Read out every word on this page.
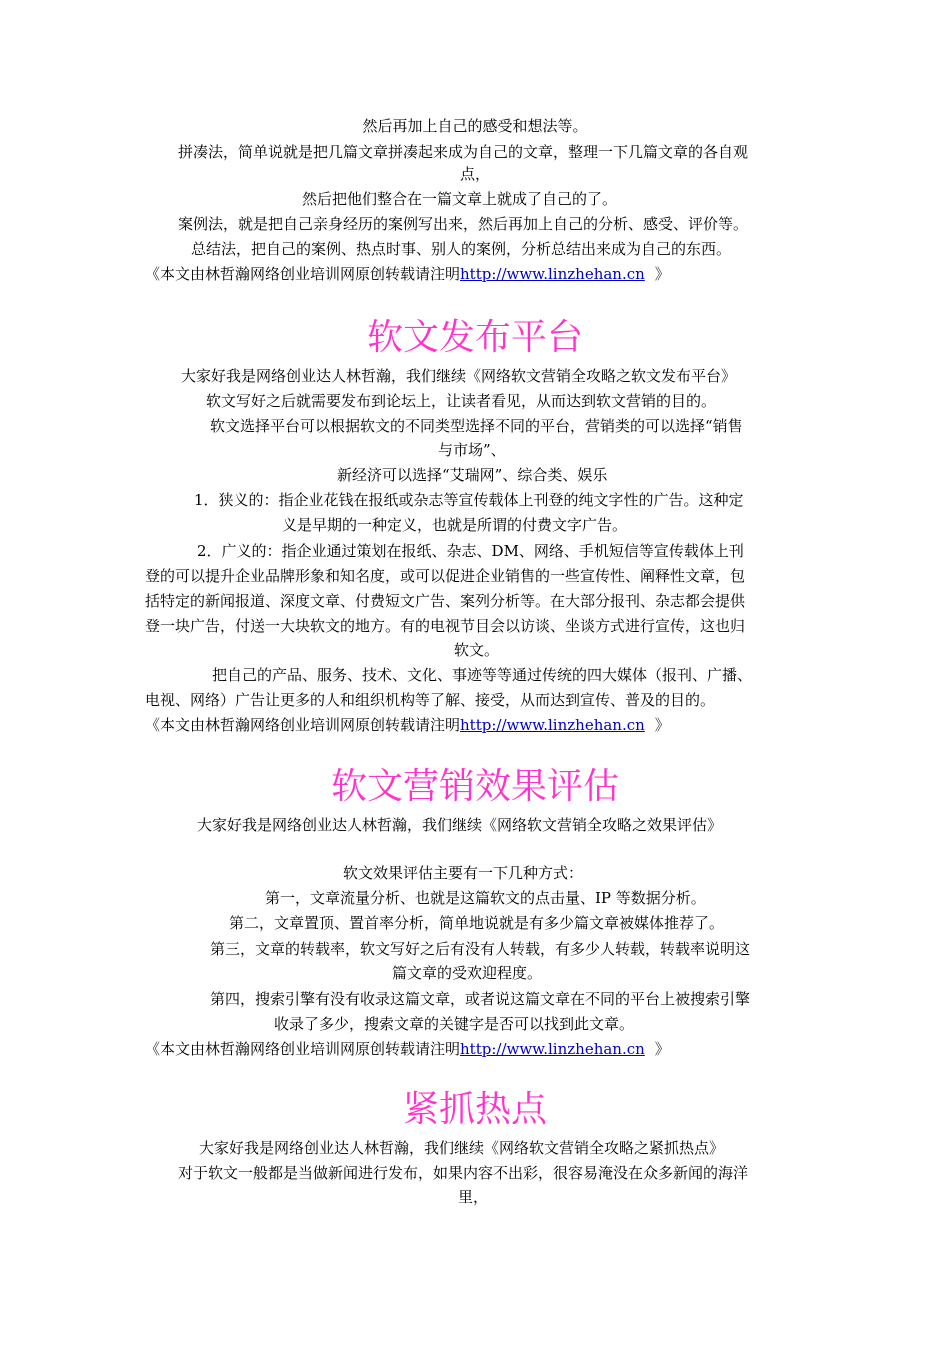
然后再加上自己的感受和想法等。
拼凑法，简单说就是把几篇文章拼凑起来成为自己的文章，整理一下几篇文章的各自观
点，
然后把他们整合在一篇文章上就成了自己的了。
案例法，就是把自己亲身经历的案例写出来，然后再加上自己的分析、感受、评价等。
总结法，把自己的案例、热点时事、别人的案例，分析总结出来成为自己的东西。
《本文由林哲瀚网络创业培训网原创转载请注明http://www.linzhehan.cn 》
软文发布平台
大家好我是网络创业达人林哲瀚，我们继续《网络软文营销全攻略之软文发布平台》
软文写好之后就需要发布到论坛上，让读者看见，从而达到软文营销的目的。
软文选择平台可以根据软文的不同类型选择不同的平台，营销类的可以选择“销售
与市场”、
新经济可以选择“艾瑞网”、综合类、娱乐
1．狭义的：指企业花钱在报纸或杂志等宣传载体上刊登的纯文字性的广告。这种定
义是早期的一种定义，也就是所谓的付费文字广告。
2．广义的：指企业通过策划在报纸、杂志、DM、网络、手机短信等宣传载体上刊
登的可以提升企业品牌形象和知名度，或可以促进企业销售的一些宣传性、阐释性文章，包
括特定的新闻报道、深度文章、付费短文广告、案列分析等。在大部分报刊、杂志都会提供
登一块广告，付送一大块软文的地方。有的电视节目会以访谈、坐谈方式进行宣传，这也归
软文。
把自己的产品、服务、技术、文化、事迹等等通过传统的四大媒体（报刊、广播、
电视、网络）广告让更多的人和组织机构等了解、接受，从而达到宣传、普及的目的。
《本文由林哲瀚网络创业培训网原创转载请注明http://www.linzhehan.cn 》
软文营销效果评估
大家好我是网络创业达人林哲瀚，我们继续《网络软文营销全攻略之效果评估》
软文效果评估主要有一下几种方式：
第一，文章流量分析、也就是这篇软文的点击量、IP 等数据分析。
第二，文章置顶、置首率分析，简单地说就是有多少篇文章被媒体推荐了。
第三，文章的转载率，软文写好之后有没有人转载，有多少人转载，转载率说明这
篇文章的受欢迎程度。
第四，搜索引擎有没有收录这篇文章，或者说这篇文章在不同的平台上被搜索引擎
收录了多少，搜索文章的关键字是否可以找到此文章。
《本文由林哲瀚网络创业培训网原创转载请注明http://www.linzhehan.cn 》
紧抓热点
大家好我是网络创业达人林哲瀚，我们继续《网络软文营销全攻略之紧抓热点》
对于软文一般都是当做新闻进行发布，如果内容不出彩，很容易淹没在众多新闻的海洋
里，
